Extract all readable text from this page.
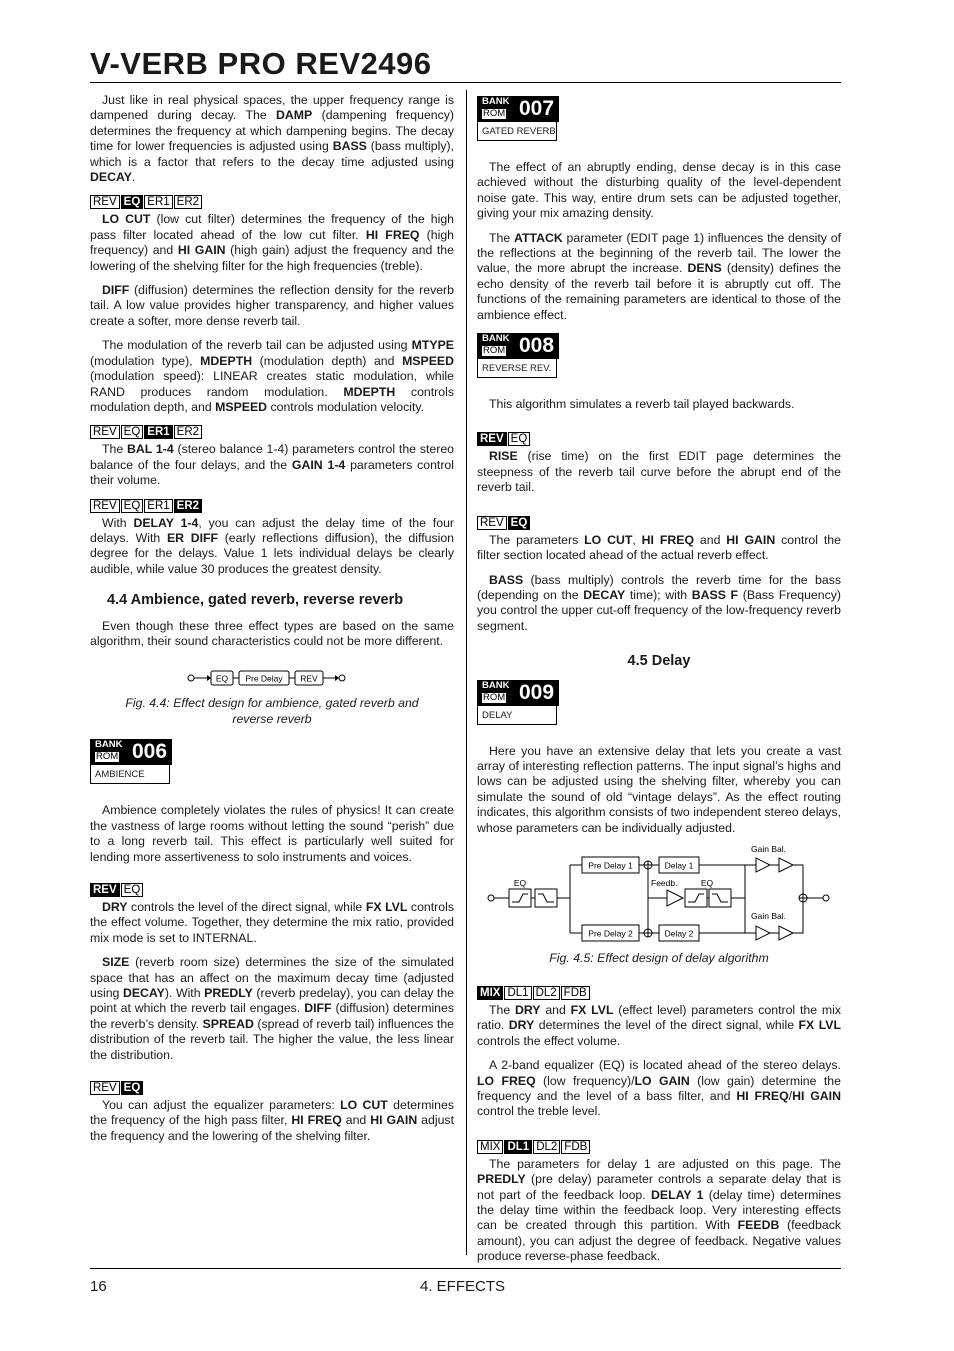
V-VERB PRO REV2496

Just like in real physical spaces, the upper frequency range is dampened during decay. The DAMP (dampening frequency) determines the frequency at which dampening begins. The decay time for lower frequencies is adjusted using BASS (bass multiply), which is a factor that refers to the decay time adjusted using DECAY.

REV EQ ER1 ER2

LO CUT (low cut filter) determines the frequency of the high pass filter located ahead of the low cut filter. HI FREQ (high frequency) and HI GAIN (high gain) adjust the frequency and the lowering of the shelving filter for the high frequencies (treble).

DIFF (diffusion) determines the reflection density for the reverb tail. A low value provides higher transparency, and higher values create a softer, more dense reverb tail.

The modulation of the reverb tail can be adjusted using MTYPE (modulation type), MDEPTH (modulation depth) and MSPEED (modulation speed): LINEAR creates static modulation, while RAND produces random modulation. MDEPTH controls modulation depth, and MSPEED controls modulation velocity.

REV EQ ER1 ER2

The BAL 1-4 (stereo balance 1-4) parameters control the stereo balance of the four delays, and the GAIN 1-4 parameters control their volume.

REV EQ ER1 ER2

With DELAY 1-4, you can adjust the delay time of the four delays. With ER DIFF (early reflections diffusion), the diffusion degree for the delays. Value 1 lets individual delays be clearly audible, while value 30 produces the greatest density.

4.4 Ambience, gated reverb, reverse reverb

Even though these three effect types are based on the same algorithm, their sound characteristics could not be more different.

EQ Pre Delay REV
Fig. 4.4: Effect design for ambience, gated reverb and reverse reverb
BANK
ROM 006
AMBIENCE

Ambience completely violates the rules of physics! It can create the vastness of large rooms without letting the sound “perish” due to a long reverb tail. This effect is particularly well suited for lending more assertiveness to solo instruments and voices.

REV EQ

DRY controls the level of the direct signal, while FX LVL controls the effect volume. Together, they determine the mix ratio, provided mix mode is set to INTERNAL.

SIZE (reverb room size) determines the size of the simulated space that has an affect on the maximum decay time (adjusted using DECAY). With PREDLY (reverb predelay), you can delay the point at which the reverb tail engages. DIFF (diffusion) determines the reverb’s density. SPREAD (spread of reverb tail) influences the distribution of the reverb tail. The higher the value, the less linear the distribution.

REV EQ

You can adjust the equalizer parameters: LO CUT determines the frequency of the high pass filter, HI FREQ and HI GAIN adjust the frequency and the lowering of the shelving filter.

BANK
ROM 007
GATED REVERB

The effect of an abruptly ending, dense decay is in this case achieved without the disturbing quality of the level-dependent noise gate. This way, entire drum sets can be adjusted together, giving your mix amazing density.

The ATTACK parameter (EDIT page 1) influences the density of the reflections at the beginning of the reverb tail. The lower the value, the more abrupt the increase. DENS (density) defines the echo density of the reverb tail before it is abruptly cut off. The functions of the remaining parameters are identical to those of the ambience effect.

BANK
ROM 008
REVERSE REV.

This algorithm simulates a reverb tail played backwards.

REV EQ

RISE (rise time) on the first EDIT page determines the steepness of the reverb tail curve before the abrupt end of the reverb tail.

REV EQ

The parameters LO CUT, HI FREQ and HI GAIN control the filter section located ahead of the actual reverb effect.

BASS (bass multiply) controls the reverb time for the bass (depending on the DECAY time); with BASS F (Bass Frequency) you control the upper cut-off frequency of the low-frequency reverb segment.

4.5 Delay
BANK
ROM 009
DELAY

Here you have an extensive delay that lets you create a vast array of interesting reflection patterns. The input signal’s highs and lows can be adjusted using the shelving filter, whereby you can simulate the sound of old “vintage delays”. As the effect routing indicates, this algorithm consists of two independent stereo delays, whose parameters can be individually adjusted.

EQ
Pre Delay 1
Pre Delay 2
Delay 1
Delay 2
Feedb.	EQ
Gain Bal.
Gain Bal.
Fig. 4.5: Effect design of delay algorithm
MIX DL1 DL2 FDB

The DRY and FX LVL (effect level) parameters control the mix ratio. DRY determines the level of the direct signal, while FX LVL controls the effect volume.

A 2-band equalizer (EQ) is located ahead of the stereo delays. LO FREQ (low frequency)/LO GAIN (low gain) determine the frequency and the level of a bass filter, and HI FREQ/HI GAIN control the treble level.

MIX DL1 DL2 FDB

The parameters for delay 1 are adjusted on this page. The PREDLY (pre delay) parameter controls a separate delay that is not part of the feedback loop. DELAY 1 (delay time) determines the delay time within the feedback loop. Very interesting effects can be created through this partition. With FEEDB (feedback amount), you can adjust the degree of feedback. Negative values produce reverse-phase feedback.

16	4. EFFECTS
